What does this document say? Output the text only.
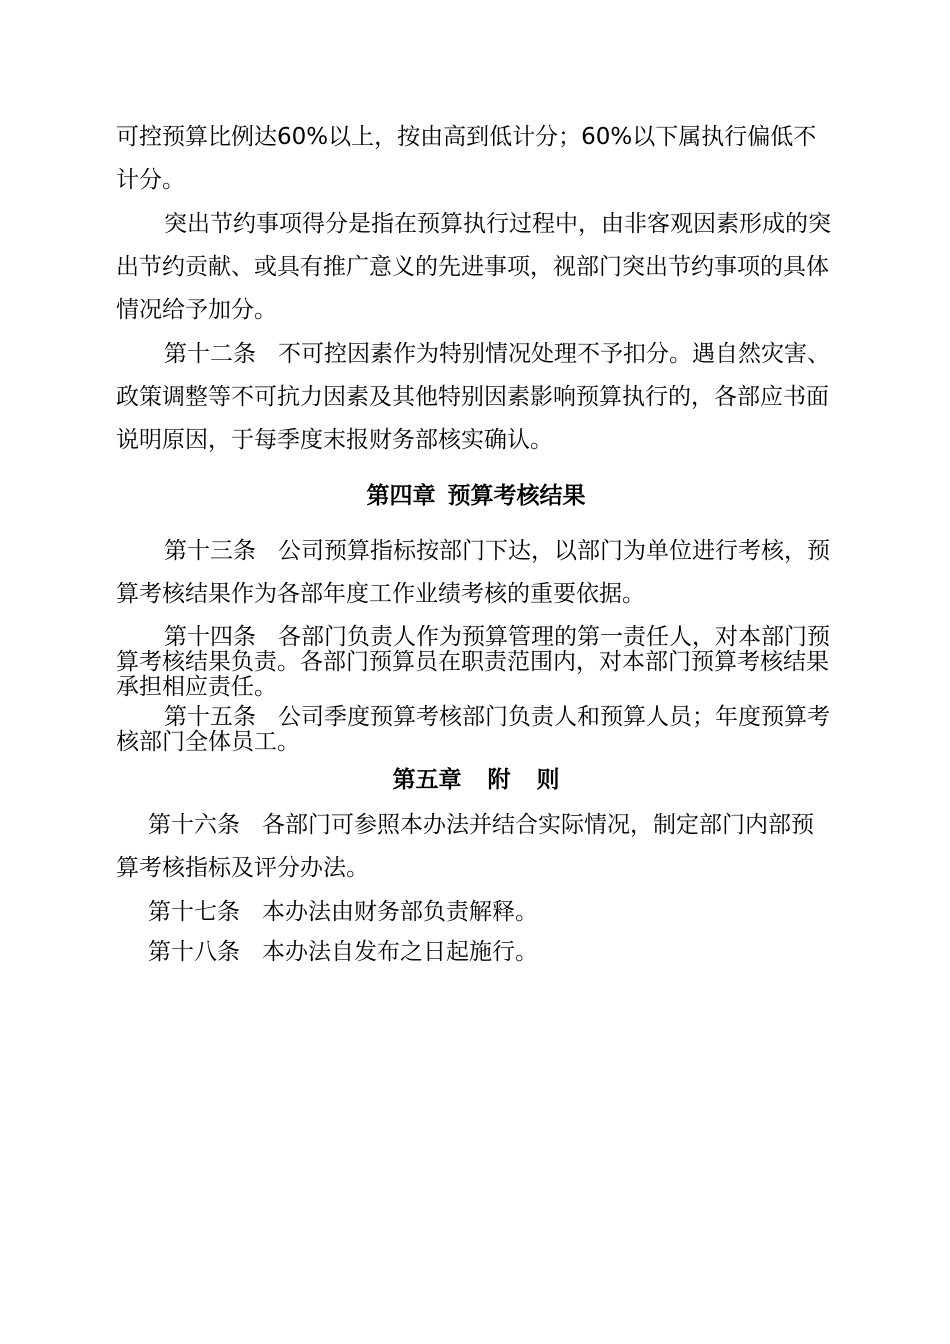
可控预算比例达60%以上，按由高到低计分；60%以下属执行偏低不计分。

突出节约事项得分是指在预算执行过程中，由非客观因素形成的突出节约贡献、或具有推广意义的先进事项，视部门突出节约事项的具体情况给予加分。

第十二条 不可控因素作为特别情况处理不予扣分。遇自然灾害、政策调整等不可抗力因素及其他特别因素影响预算执行的，各部应书面说明原因，于每季度末报财务部核实确认。

第四章 预算考核结果

第十三条 公司预算指标按部门下达，以部门为单位进行考核，预算考核结果作为各部年度工作业绩考核的重要依据。

第十四条 各部门负责人作为预算管理的第一责任人，对本部门预算考核结果负责。各部门预算员在职责范围内，对本部门预算考核结果承担相应责任。

第十五条 公司季度预算考核部门负责人和预算人员；年度预算考核部门全体员工。

第五章 附 则

第十六条 各部门可参照本办法并结合实际情况，制定部门内部预算考核指标及评分办法。

第十七条 本办法由财务部负责解释。

第十八条 本办法自发布之日起施行。
